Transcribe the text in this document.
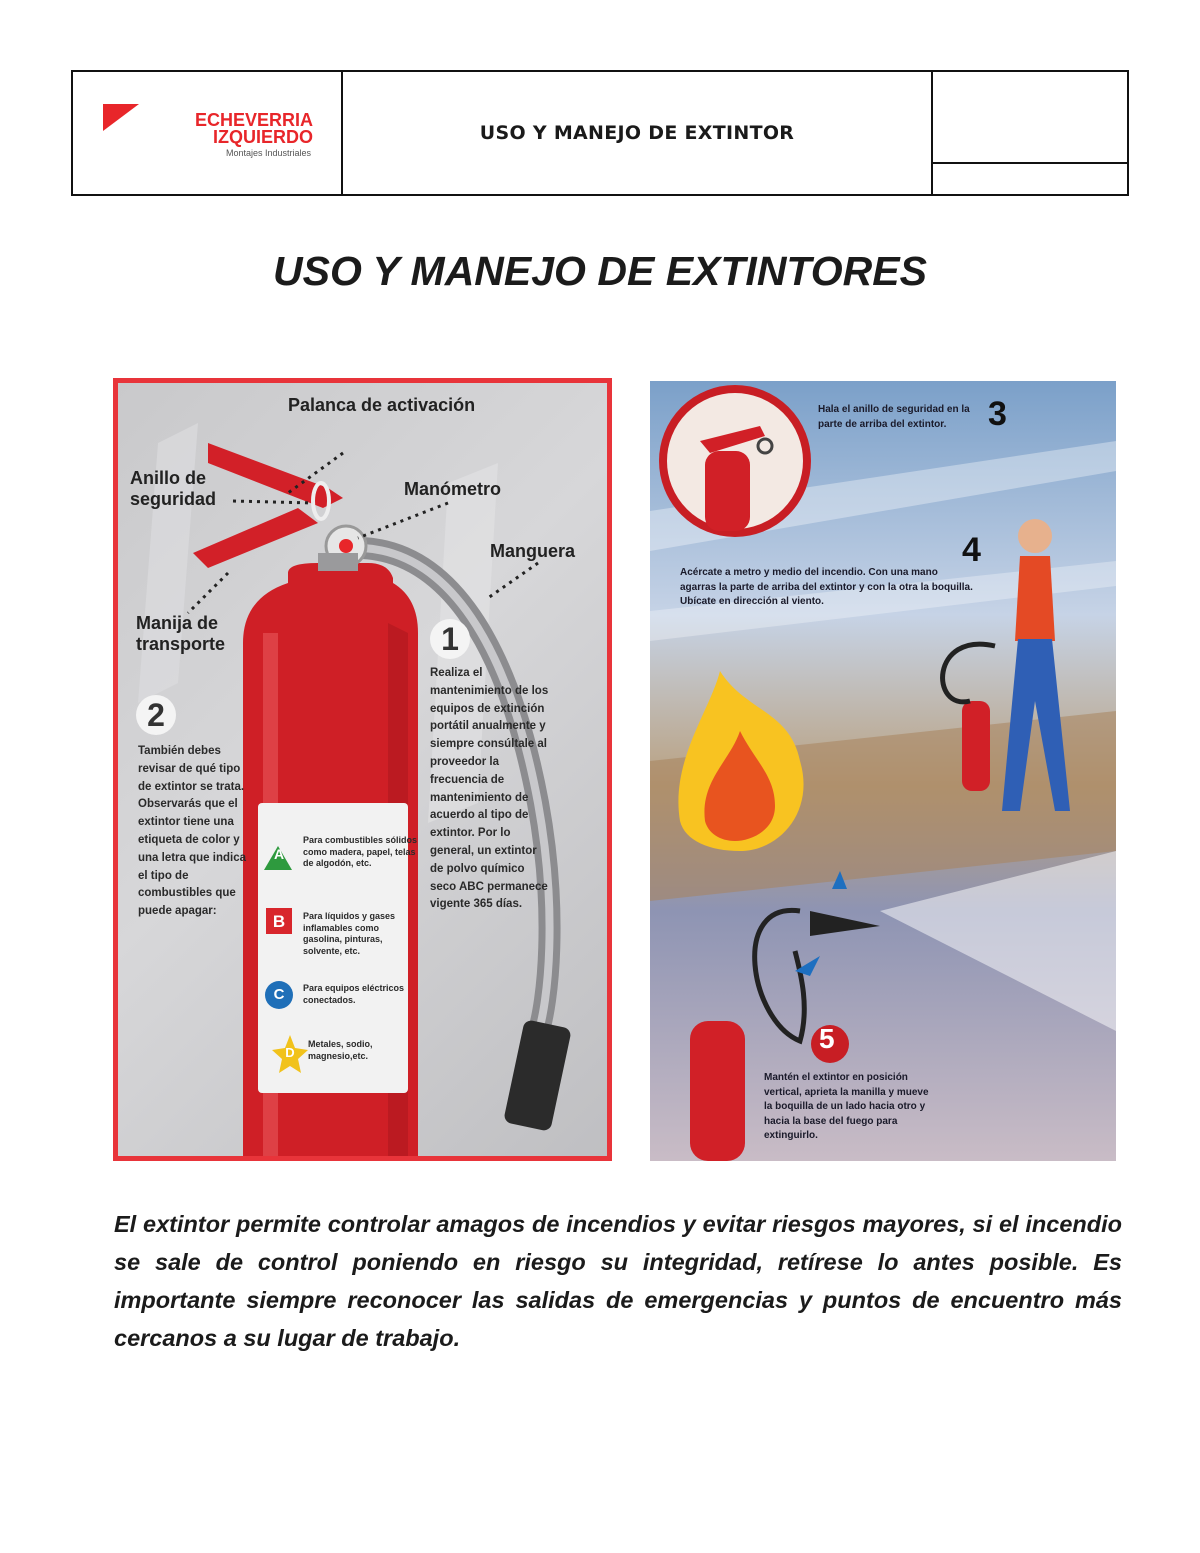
ECHEVERRIA
IZQUIERDO
Montajes Industriales
USO Y MANEJO DE EXTINTOR
USO Y MANEJO DE EXTINTORES
Palanca de activación
Anillo de seguridad	Manómetro
Manguera
Manija de transporte	1
Realiza el mantenimiento de los equipos de extinción portátil anualmente y siempre consúltale al proveedor la frecuencia de mantenimiento de acuerdo al tipo de extintor. Por lo general, un extintor de polvo químico seco ABC permanece vigente 365 días.
2
También debes revisar de qué tipo de extintor se trata. Observarás que el extintor tiene una etiqueta de color y una letra que indica el tipo de combustibles que puede apagar:
Para combustibles sólidos como madera, papel, telas de algodón, etc.
Para líquidos y gases inflamables como gasolina, pinturas, solvente, etc.
Para equipos eléctricos conectados.
Metales, sodio, magnesio,etc.
A
B
C
D
3
Hala el anillo de seguridad en la parte de arriba del extintor.
4
Acércate a metro y medio del incendio. Con una mano agarras la parte de arriba del extintor y con la otra la boquilla. Ubícate en dirección al viento.
5
Mantén el extintor en posición vertical, aprieta la manilla y mueve la boquilla de un lado hacia otro y hacia la base del fuego para extinguirlo.
El extintor permite controlar amagos de incendios y evitar riesgos mayores, si el incendio se sale de control poniendo en riesgo su integridad, retírese lo antes posible. Es importante siempre reconocer las salidas de emergencias y puntos de encuentro más cercanos a su lugar de trabajo.
